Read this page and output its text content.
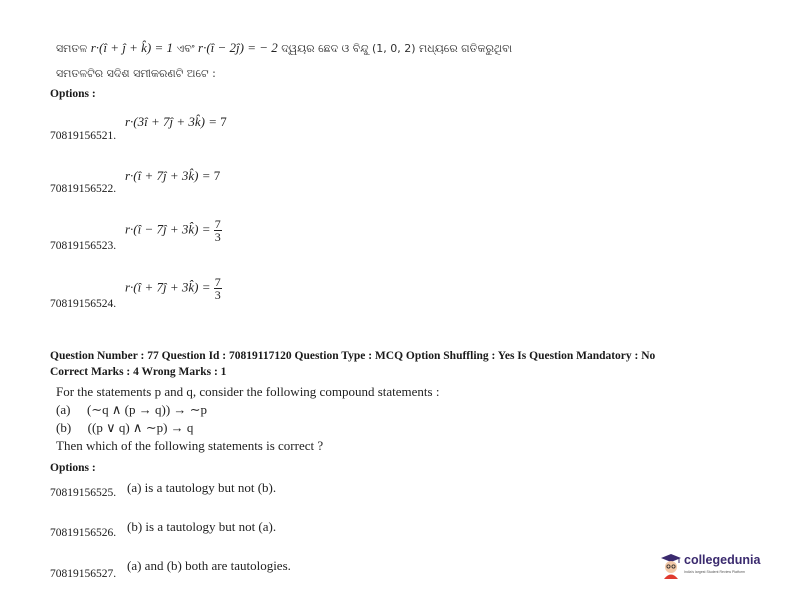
ସମତଳ r·(î + ĵ + k̂) = 1 ଏବଂ r·(î − 2ĵ) = − 2 ଦ୍ୱୟର ଛେଦ ଓ ବିନ୍ଦୁ (1, 0, 2) ମଧ୍ୟରେ ଗତିକରୁଥିବା
ସମତଳଟିର ସଦିଶ ସମୀକରଣଟି ଅଟେ :
Options :
70819156521.
r·(3î + 7ĵ + 3k̂) = 7
70819156522.
r·(î + 7ĵ + 3k̂) = 7
70819156523.
r·(î − 7ĵ + 3k̂) = $\frac{7}{3}$
70819156524.
r·(î + 7ĵ + 3k̂) = $\frac{7}{3}$
Question Number : 77 Question Id : 70819117120 Question Type : MCQ Option Shuffling : Yes Is Question Mandatory : No
Correct Marks : 4 Wrong Marks : 1
For the statements p and q, consider the following compound statements :
(a) (∼q ∧ (p → q)) → ∼p
(b) ((p ∨ q) ∧ ∼p) → q
Then which of the following statements is correct ?
Options :
70819156525. (a) is a tautology but not (b).
70819156526. (b) is a tautology but not (a).
70819156527.
(a) and (b) both are tautologies.	collegedunia
India's largest Student Review Platform
